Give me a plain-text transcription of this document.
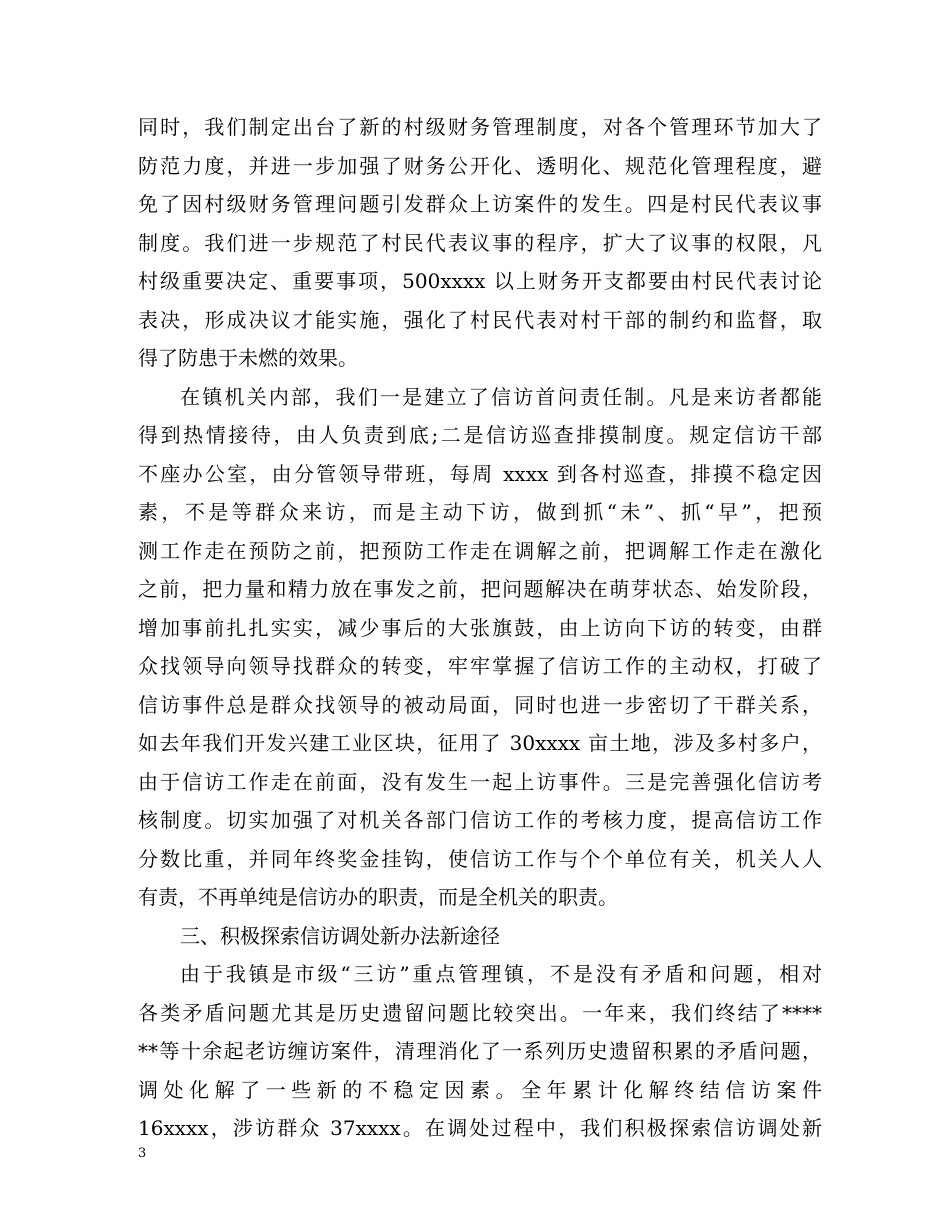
同时，我们制定出台了新的村级财务管理制度，对各个管理环节加大了
防范力度，并进一步加强了财务公开化、透明化、规范化管理程度，避
免了因村级财务管理问题引发群众上访案件的发生。四是村民代表议事
制度。我们进一步规范了村民代表议事的程序，扩大了议事的权限，凡
村级重要决定、重要事项，500xxxx 以上财务开支都要由村民代表讨论
表决，形成决议才能实施，强化了村民代表对村干部的制约和监督，取
得了防患于未燃的效果。
在镇机关内部，我们一是建立了信访首问责任制。凡是来访者都能
得到热情接待，由人负责到底;二是信访巡查排摸制度。规定信访干部
不座办公室，由分管领导带班，每周 xxxx 到各村巡查，排摸不稳定因
素，不是等群众来访，而是主动下访，做到抓“未”、抓“早”，把预
测工作走在预防之前，把预防工作走在调解之前，把调解工作走在激化
之前，把力量和精力放在事发之前，把问题解决在萌芽状态、始发阶段，
增加事前扎扎实实，减少事后的大张旗鼓，由上访向下访的转变，由群
众找领导向领导找群众的转变，牢牢掌握了信访工作的主动权，打破了
信访事件总是群众找领导的被动局面，同时也进一步密切了干群关系，
如去年我们开发兴建工业区块，征用了 30xxxx 亩土地，涉及多村多户，
由于信访工作走在前面，没有发生一起上访事件。三是完善强化信访考
核制度。切实加强了对机关各部门信访工作的考核力度，提高信访工作
分数比重，并同年终奖金挂钩，使信访工作与个个单位有关，机关人人
有责，不再单纯是信访办的职责，而是全机关的职责。
三、积极探索信访调处新办法新途径
由于我镇是市级“三访”重点管理镇，不是没有矛盾和问题，相对
各类矛盾问题尤其是历史遗留问题比较突出。一年来，我们终结了****
**等十余起老访缠访案件，清理消化了一系列历史遗留积累的矛盾问题，
调处化解了一些新的不稳定因素。全年累计化解终结信访案件
16xxxx，涉访群众 37xxxx。在调处过程中，我们积极探索信访调处新
3
